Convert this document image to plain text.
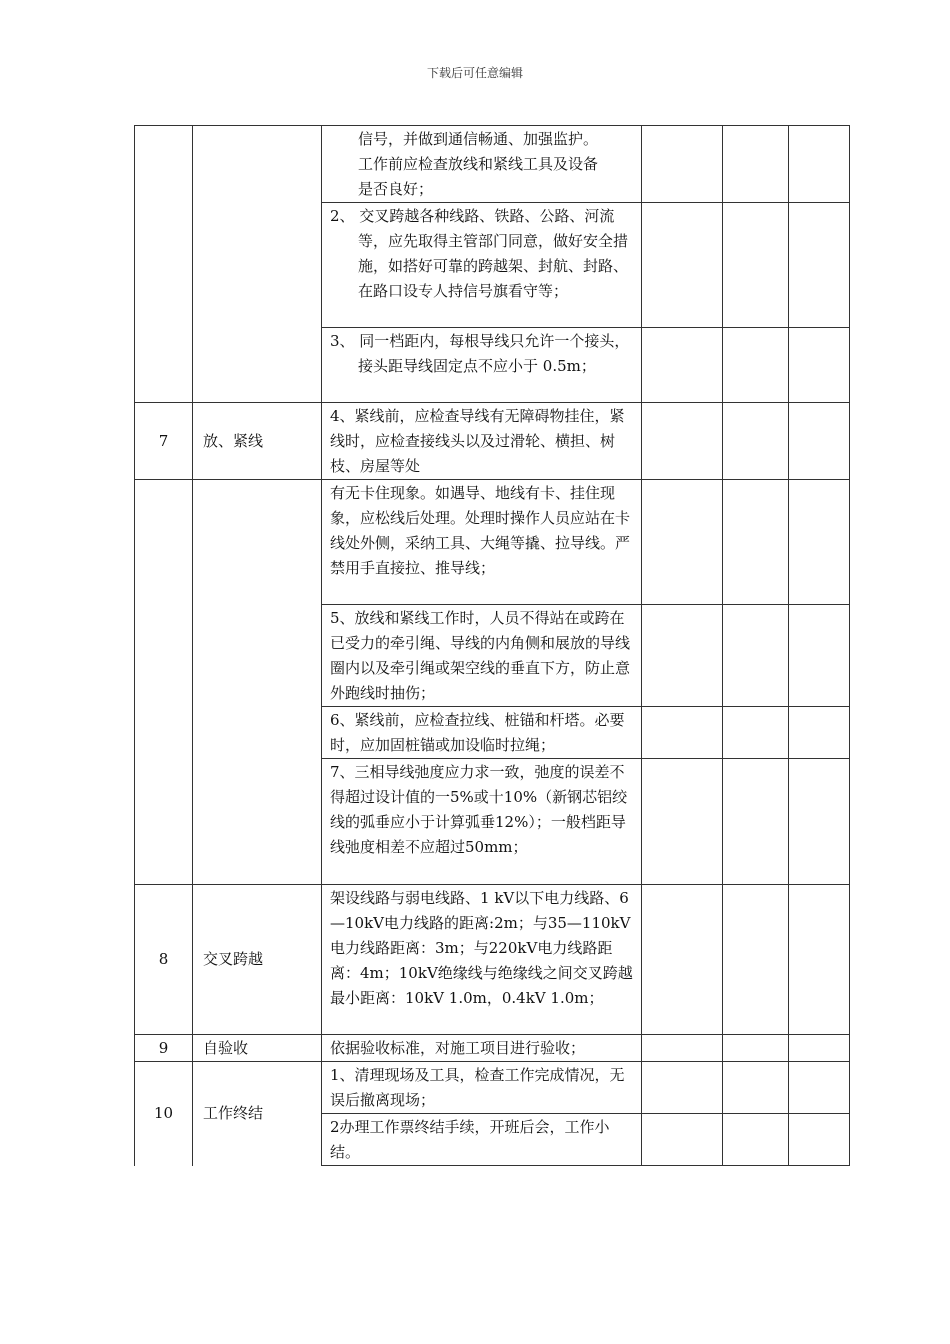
下载后可任意编辑

		信号，并做到通信畅通、加强监护。
工作前应检查放线和紧线工具及设备
是否良好；			

		2、 交叉跨越各种线路、铁路、公路、河流等，应先取得主管部门同意，做好安全措施，如搭好可靠的跨越架、封航、封路、在路口设专人持信号旗看守等；			

		3、 同一档距内，每根导线只允许一个接头，接头距导线固定点不应小于 0.5m；			

7	放、紧线	4、紧线前，应检查导线有无障碍物挂住，紧线时，应检查接线头以及过滑轮、横担、树枝、房屋等处			

		有无卡住现象。如遇导、地线有卡、挂住现象，应松线后处理。处理时操作人员应站在卡线处外侧，采纳工具、大绳等撬、拉导线。严禁用手直接拉、推导线；			

		5、放线和紧线工作时，人员不得站在或跨在已受力的牵引绳、导线的内角侧和展放的导线圈内以及牵引绳或架空线的垂直下方，防止意外跑线时抽伤；			

		6、紧线前，应检查拉线、桩锚和杆塔。必要时，应加固桩锚或加设临时拉绳；			

		7、三相导线弛度应力求一致，弛度的误差不得超过设计值的一5%或十10%（新钢芯铝绞线的弧垂应小于计算弧垂12%）；一般档距导线弛度相差不应超过50mm；			

8	交叉跨越	架设线路与弱电线路、1 kV以下电力线路、6—10kV电力线路的距离:2m；与35—110kV电力线路距离：3m；与220kV电力线路距离：4m；10kV绝缘线与绝缘线之间交叉跨越最小距离：10kV 1.0m，0.4kV 1.0m；			

9	自验收	依据验收标准，对施工项目进行验收；			

10	工作终结	1、清理现场及工具，检查工作完成情况，无误后撤离现场；			

		2办理工作票终结手续，开班后会，工作小结。			
